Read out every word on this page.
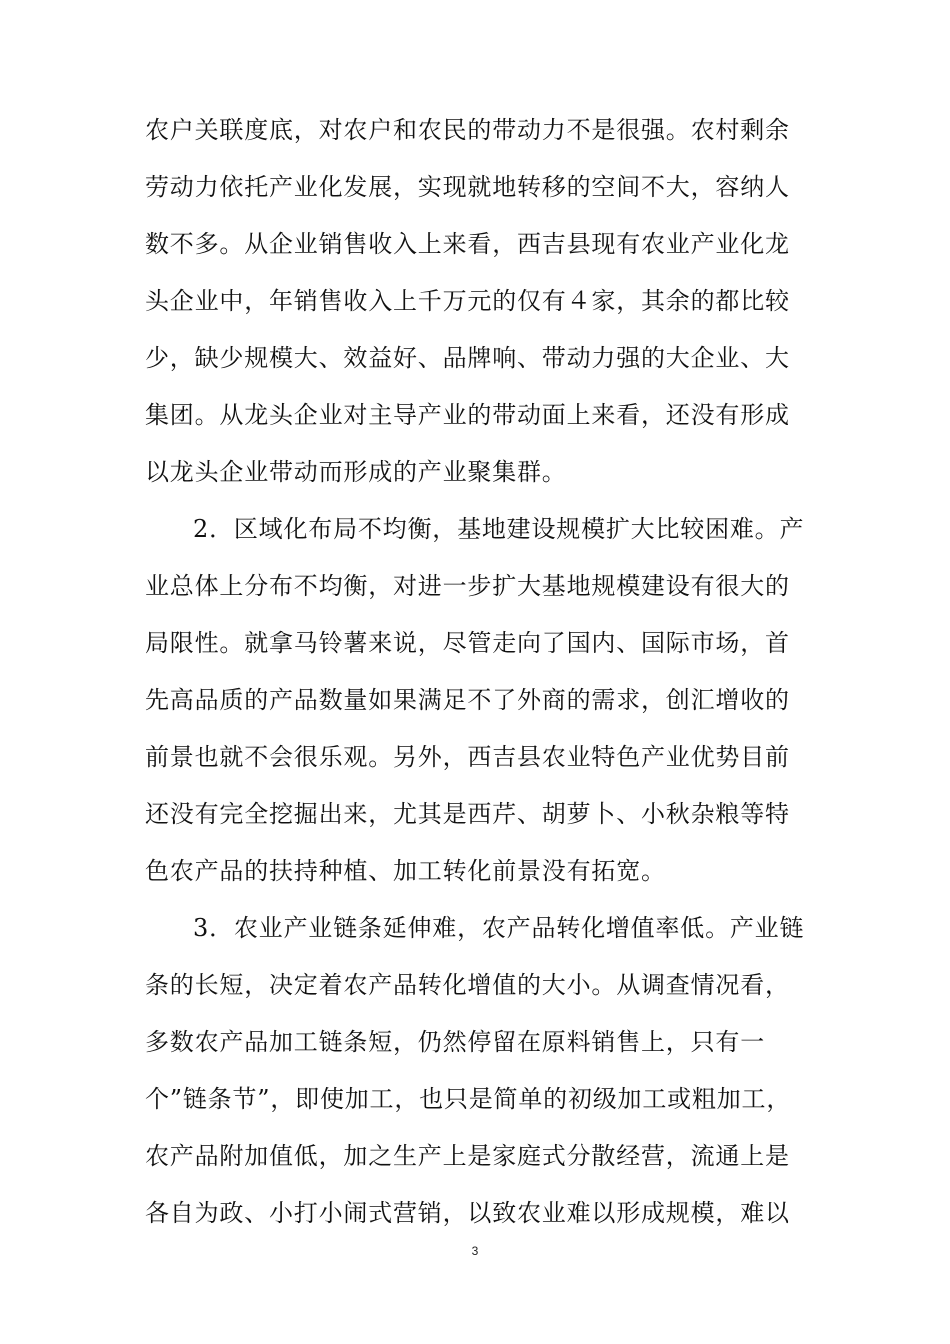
农户关联度底，对农户和农民的带动力不是很强。农村剩余
劳动力依托产业化发展，实现就地转移的空间不大，容纳人
数不多。从企业销售收入上来看，西吉县现有农业产业化龙
头企业中，年销售收入上千万元的仅有４家，其余的都比较
少，缺少规模大、效益好、品牌响、带动力强的大企业、大
集团。从龙头企业对主导产业的带动面上来看，还没有形成
以龙头企业带动而形成的产业聚集群。
2．区域化布局不均衡，基地建设规模扩大比较困难。产
业总体上分布不均衡，对进一步扩大基地规模建设有很大的
局限性。就拿马铃薯来说，尽管走向了国内、国际市场，首
先高品质的产品数量如果满足不了外商的需求，创汇增收的
前景也就不会很乐观。另外，西吉县农业特色产业优势目前
还没有完全挖掘出来，尤其是西芹、胡萝卜、小秋杂粮等特
色农产品的扶持种植、加工转化前景没有拓宽。
3．农业产业链条延伸难，农产品转化增值率低。产业链
条的长短，决定着农产品转化增值的大小。从调查情况看，
多数农产品加工链条短，仍然停留在原料销售上，只有一
个”链条节”，即使加工，也只是简单的初级加工或粗加工，
农产品附加值低，加之生产上是家庭式分散经营，流通上是
各自为政、小打小闹式营销，以致农业难以形成规模，难以
3
